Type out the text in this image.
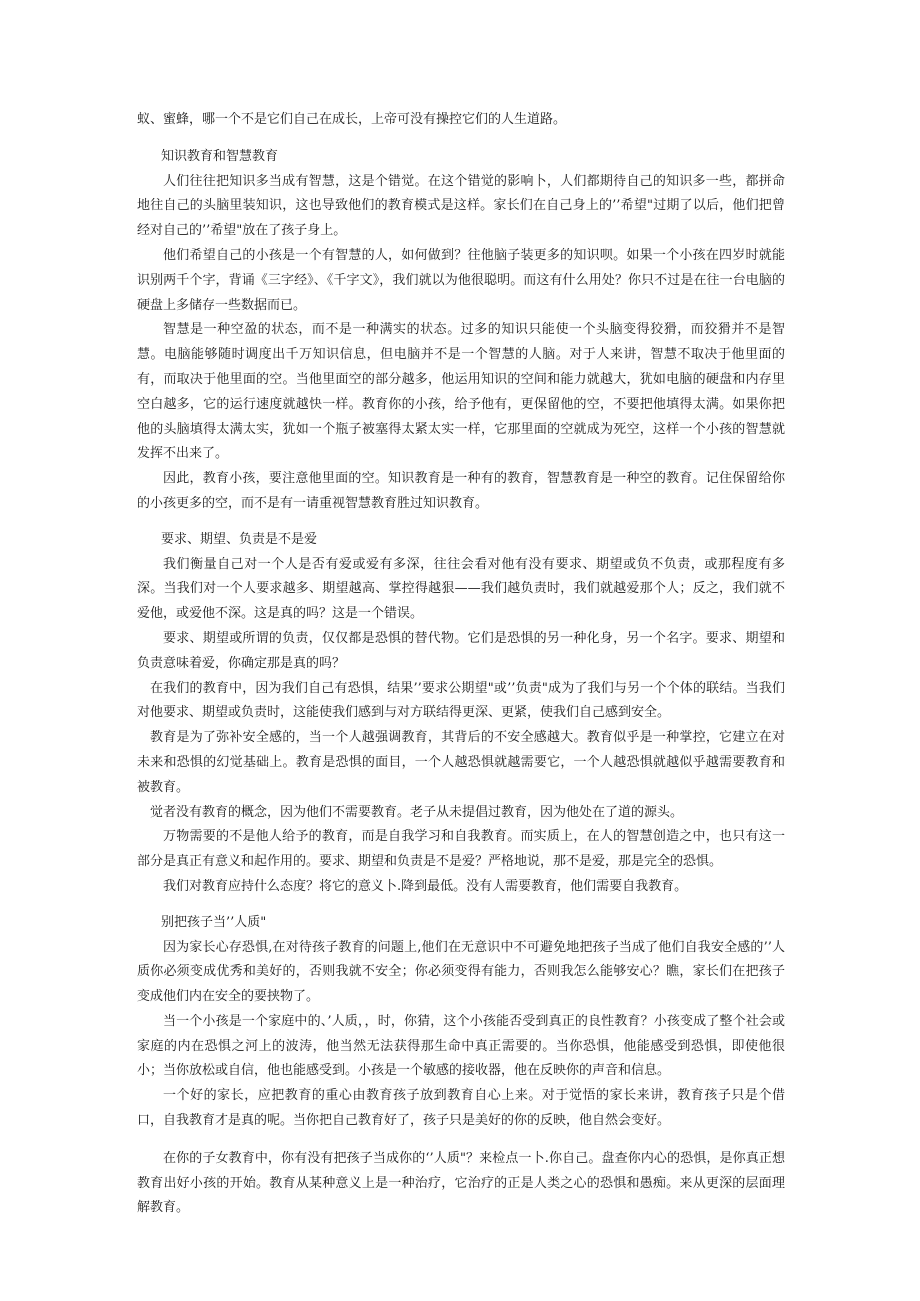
蚁、蜜蜂，哪一个不是它们自己在成长，上帝可没有操控它们的人生道路。

知识教育和智慧教育

人们往往把知识多当成有智慧，这是个错觉。在这个错觉的影响卜，人们都期待自己的知识多一些，都拼命地往自己的头脑里装知识，这也导致他们的教育模式是这样。家长们在自己身上的’’希望"过期了以后，他们把曾经对自己的’’希望"放在了孩子身上。

他们希望自己的小孩是一个有智慧的人，如何做到？往他脑子装更多的知识呗。如果一个小孩在四岁时就能识别两千个字，背诵《三字经》、《千字文》，我们就以为他很聪明。而这有什么用处？你只不过是在往一台电脑的硬盘上多储存一些数据而已。

智慧是一种空盈的状态，而不是一种满实的状态。过多的知识只能使一个头脑变得狡猾，而狡猾并不是智慧。电脑能够随时调度出千万知识信息，但电脑并不是一个智慧的人脑。对于人来讲，智慧不取决于他里面的有，而取决于他里面的空。当他里面空的部分越多，他运用知识的空间和能力就越大，犹如电脑的硬盘和内存里空白越多，它的运行速度就越快一样。教育你的小孩，给予他有，更保留他的空，不要把他填得太满。如果你把他的头脑填得太满太实，犹如一个瓶子被塞得太紧太实一样，它那里面的空就成为死空，这样一个小孩的智慧就发挥不出来了。

因此，教育小孩，要注意他里面的空。知识教育是一种有的教育，智慧教育是一种空的教育。记住保留给你的小孩更多的空，而不是有一请重视智慧教育胜过知识教育。

要求、期望、负责是不是爱

我们衡量自己对一个人是否有爱或爱有多深，往往会看对他有没有要求、期望或负不负责，或那程度有多深。当我们对一个人要求越多、期望越高、掌控得越狠——我们越负责时，我们就越爱那个人；反之，我们就不爱他，或爱他不深。这是真的吗？这是一个错误。

要求、期望或所谓的负责，仅仅都是恐惧的替代物。它们是恐惧的另一种化身，另一个名字。要求、期望和负责意味着爱，你确定那是真的吗？

在我们的教育中，因为我们自己有恐惧，结果’’要求公期望"或’’负责"成为了我们与另一个个体的联结。当我们对他要求、期望或负责时，这能使我们感到与对方联结得更深、更紧，使我们自己感到安全。

教育是为了弥补安全感的，当一个人越强调教育，其背后的不安全感越大。教育似乎是一种掌控，它建立在对未来和恐惧的幻觉基础上。教育是恐惧的面目，一个人越恐惧就越需要它，一个人越恐惧就越似乎越需要教育和被教育。

觉者没有教育的概念，因为他们不需要教育。老子从未提倡过教育，因为他处在了道的源头。

万物需要的不是他人给予的教育，而是自我学习和自我教育。而实质上，在人的智慧创造之中，也只有这一部分是真正有意义和起作用的。要求、期望和负责是不是爱？严格地说，那不是爱，那是完全的恐惧。

我们对教育应持什么态度？将它的意义卜.降到最低。没有人需要教育，他们需要自我教育。

别把孩子当’’人质"

因为家长心存恐惧,在对待孩子教育的问题上,他们在无意识中不可避免地把孩子当成了他们自我安全感的’’人质你必须变成优秀和美好的，否则我就不安全；你必须变得有能力，否则我怎么能够安心？瞧，家长们在把孩子变成他们内在安全的要挟物了。

当一个小孩是一个家庭中的、’人质，，时，你猜，这个小孩能否受到真正的良性教育？小孩变成了整个社会或家庭的内在恐惧之河上的波涛，他当然无法获得那生命中真正需要的。当你恐惧，他能感受到恐惧，即使他很小；当你放松或自信，他也能感受到。小孩是一个敏感的接收器，他在反映你的声音和信息。

一个好的家长，应把教育的重心由教育孩子放到教育自心上来。对于觉悟的家长来讲，教育孩子只是个借口，自我教育才是真的呢。当你把自己教育好了，孩子只是美好的你的反映，他自然会变好。

在你的子女教育中，你有没有把孩子当成你的‘’人质"？来检点一卜.你自己。盘查你内心的恐惧，是你真正想教育出好小孩的开始。教育从某种意义上是一种治疗，它治疗的正是人类之心的恐惧和愚痴。来从更深的层面理解教育。
